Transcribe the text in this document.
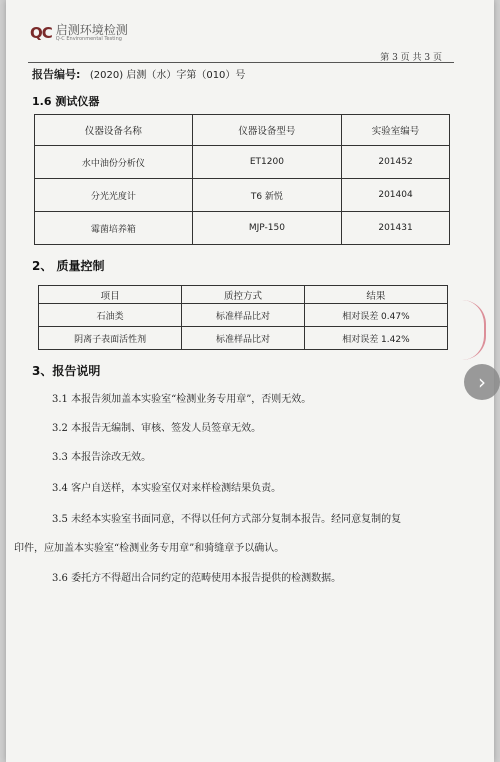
QC 启测环境检测
Q·C Environmental Testing
第 3 页 共 3 页
报告编号: (2020) 启测（水）字第（010）号
1.6 测试仪器
仪器设备名称	仪器设备型号	实验室编号
水中油份分析仪	ET1200	201452
分光光度计	T6 新悦	201404
霉菌培养箱	MJP-150	201431
2、 质量控制
项目	质控方式	结果
石油类	标准样品比对	相对误差 0.47%
阴离子表面活性剂	标准样品比对	相对误差 1.42%
3、报告说明
3.1 本报告须加盖本实验室“检测业务专用章”，否则无效。
3.2 本报告无编制、审核、签发人员签章无效。
3.3 本报告涂改无效。
3.4 客户自送样，本实验室仅对来样检测结果负责。
3.5 未经本实验室书面同意，不得以任何方式部分复制本报告。经同意复制的复
印件，应加盖本实验室“检测业务专用章”和骑缝章予以确认。
3.6 委托方不得超出合同约定的范畴使用本报告提供的检测数据。
›
